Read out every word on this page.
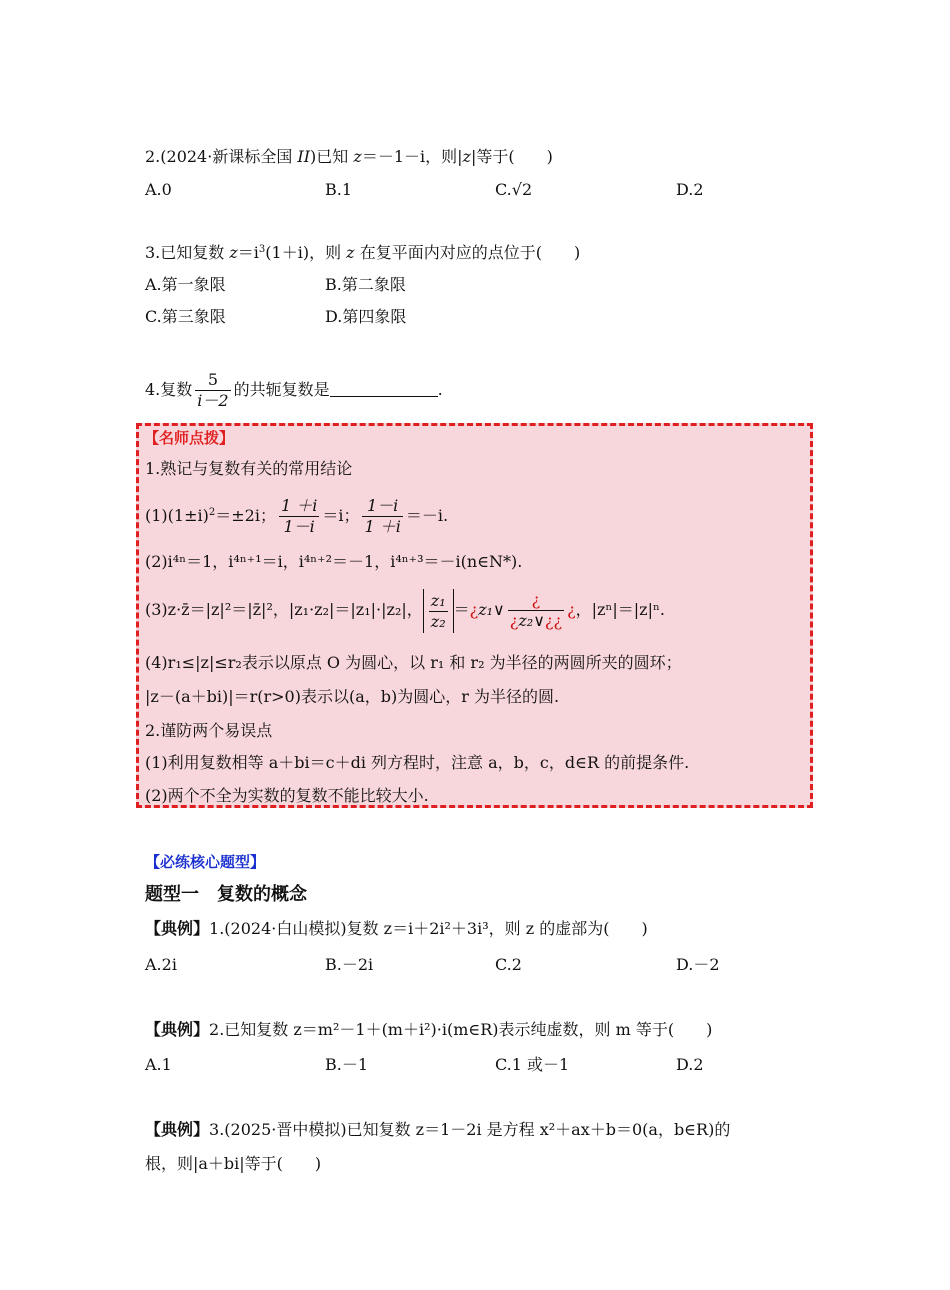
2.(2024·新课标全国 II)已知 z＝－1－i，则|z|等于(　　)
A.0	B.1	C.√2	D.2
3.已知复数 $z=i^3(1+i)$，则 z 在复平面内对应的点位于(　　)
A.第一象限	B.第二象限
C.第三象限	D.第四象限
4.复数 $\frac{5}{i-2}$ 的共轭复数是	.
【名师点拨】
1.熟记与复数有关的常用结论
$(1)(1\pm i)^2=\pm 2i$； $\frac{1 +i}{1-i} =i$； $\frac{1-i}{1 +i} =-i$.
(2)i⁴ⁿ＝1，i⁴ⁿ⁺¹＝i，i⁴ⁿ⁺²＝－1，i⁴ⁿ⁺³＝－i(n∈N*).
(3)z·z̄＝|z|²＝|z̄|²，|z₁·z₂|＝|z₁|·|z₂|， $\frac{\text{z₁}}{\text{z₂}}$ ＝¿z₁∨ $\frac{¿}{\text{¿z₂∨¿¿}}$ ¿，|zⁿ|＝|z|ⁿ.
(4)r₁≤|z|≤r₂表示以原点 O 为圆心，以 r₁ 和 r₂ 为半径的两圆所夹的圆环；
|z－(a＋bi)|＝r(r>0)表示以(a，b)为圆心，r 为半径的圆.
2.谨防两个易误点
(1)利用复数相等 a＋bi＝c＋di 列方程时，注意 a，b，c，d∈R 的前提条件.
(2)两个不全为实数的复数不能比较大小.
【必练核心题型】
题型一　复数的概念
【典例】1.(2024·白山模拟)复数 z＝i＋2i²＋3i³，则 z 的虚部为(　　)
A.2i	B.－2i	C.2	D.－2
【典例】2.已知复数 z＝m²－1＋(m＋i²)·i(m∈R)表示纯虚数，则 m 等于(　　)
A.1	B.－1	C.1 或－1	D.2
【典例】3.(2025·晋中模拟)已知复数 z＝1－2i 是方程 x²＋ax＋b＝0(a，b∈R)的
根，则|a＋bi|等于(　　)
